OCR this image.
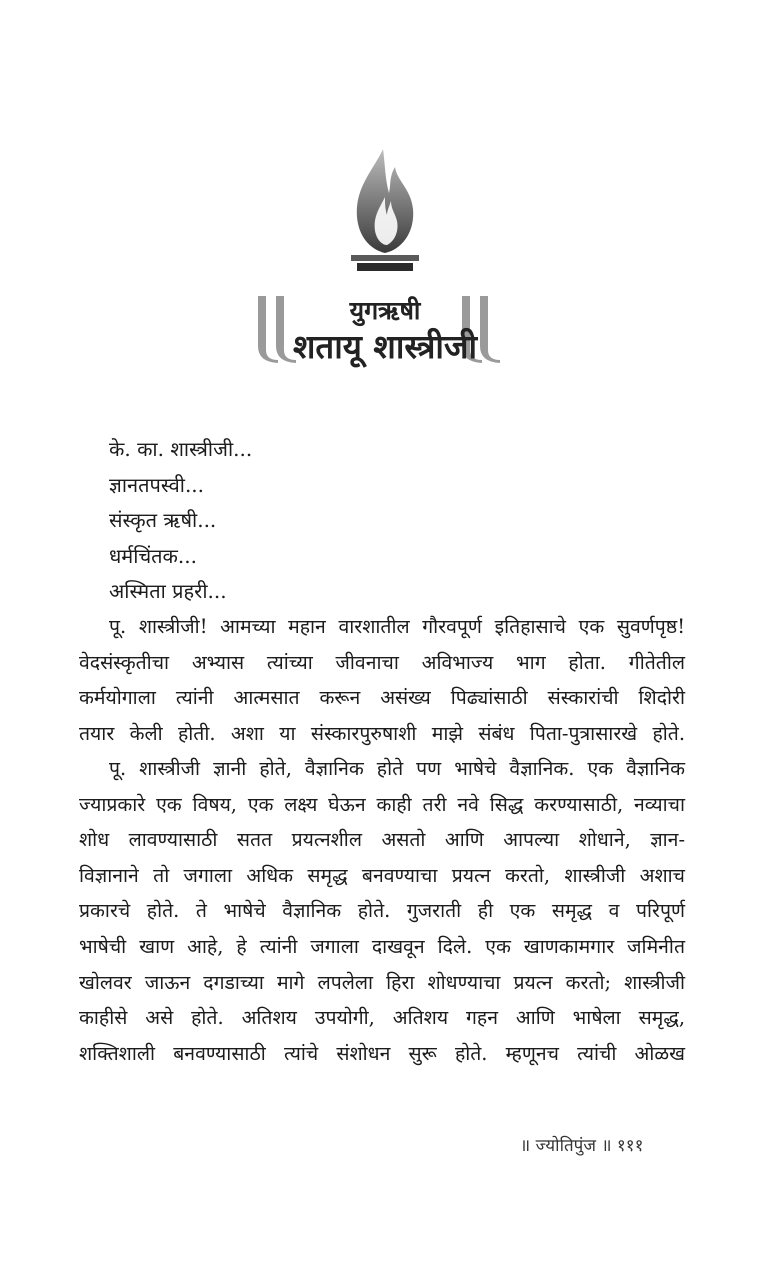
युगऋषी
शतायू शास्त्रीजी
के. का. शास्त्रीजी...
ज्ञानतपस्वी...
संस्कृत ऋषी...
धर्मचिंतक...
अस्मिता प्रहरी...
पू. शास्त्रीजी! आमच्या महान वारशातील गौरवपूर्ण इतिहासाचे एक सुवर्णपृष्ठ!
वेदसंस्कृतीचा अभ्यास त्यांच्या जीवनाचा अविभाज्य भाग होता. गीतेतील
कर्मयोगाला त्यांनी आत्मसात करून असंख्य पिढ्यांसाठी संस्कारांची शिदोरी
तयार केली होती. अशा या संस्कारपुरुषाशी माझे संबंध पिता-पुत्रासारखे होते.
पू. शास्त्रीजी ज्ञानी होते, वैज्ञानिक होते पण भाषेचे वैज्ञानिक. एक वैज्ञानिक
ज्याप्रकारे एक विषय, एक लक्ष्य घेऊन काही तरी नवे सिद्ध करण्यासाठी, नव्याचा
शोध लावण्यासाठी सतत प्रयत्नशील असतो आणि आपल्या शोधाने, ज्ञान-
विज्ञानाने तो जगाला अधिक समृद्ध बनवण्याचा प्रयत्न करतो, शास्त्रीजी अशाच
प्रकारचे होते. ते भाषेचे वैज्ञानिक होते. गुजराती ही एक समृद्ध व परिपूर्ण
भाषेची खाण आहे, हे त्यांनी जगाला दाखवून दिले. एक खाणकामगार जमिनीत
खोलवर जाऊन दगडाच्या मागे लपलेला हिरा शोधण्याचा प्रयत्न करतो; शास्त्रीजी
काहीसे असे होते. अतिशय उपयोगी, अतिशय गहन आणि भाषेला समृद्ध,
शक्तिशाली बनवण्यासाठी त्यांचे संशोधन सुरू होते. म्हणूनच त्यांची ओळख
॥ ज्योतिपुंज ॥ १११
